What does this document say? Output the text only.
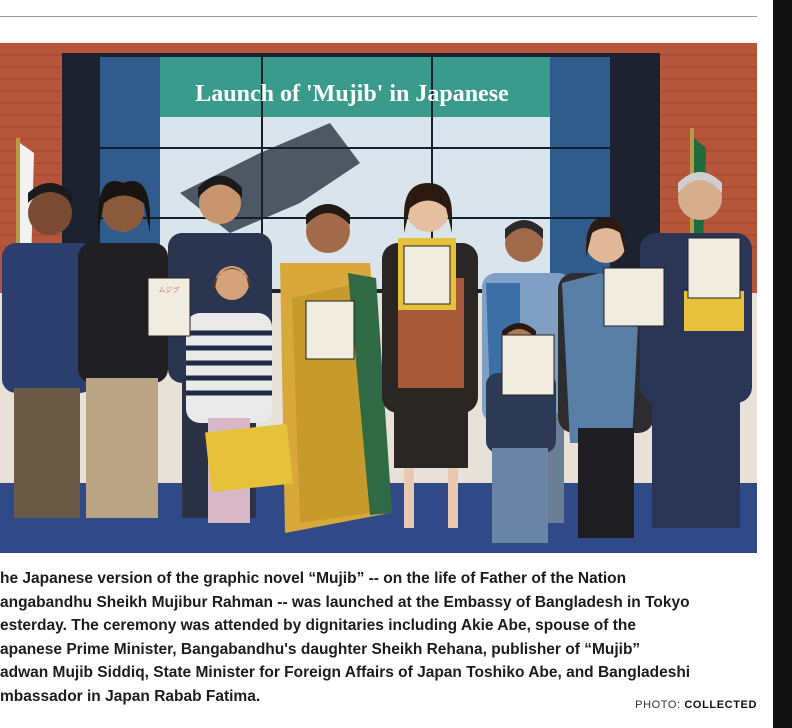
Launch of 'Mujib' in Japanese
ムジブ

he Japanese version of the graphic novel “Mujib” -- on the life of Father of the Nation
angabandhu Sheikh Mujibur Rahman -- was launched at the Embassy of Bangladesh in Tokyo
esterday. The ceremony was attended by dignitaries including Akie Abe, spouse of the
apanese Prime Minister, Bangabandhu's daughter Sheikh Rehana, publisher of “Mujib”
adwan Mujib Siddiq, State Minister for Foreign Affairs of Japan Toshiko Abe, and Bangladeshi
mbassador in Japan Rabab Fatima.

PHOTO: COLLECTED
